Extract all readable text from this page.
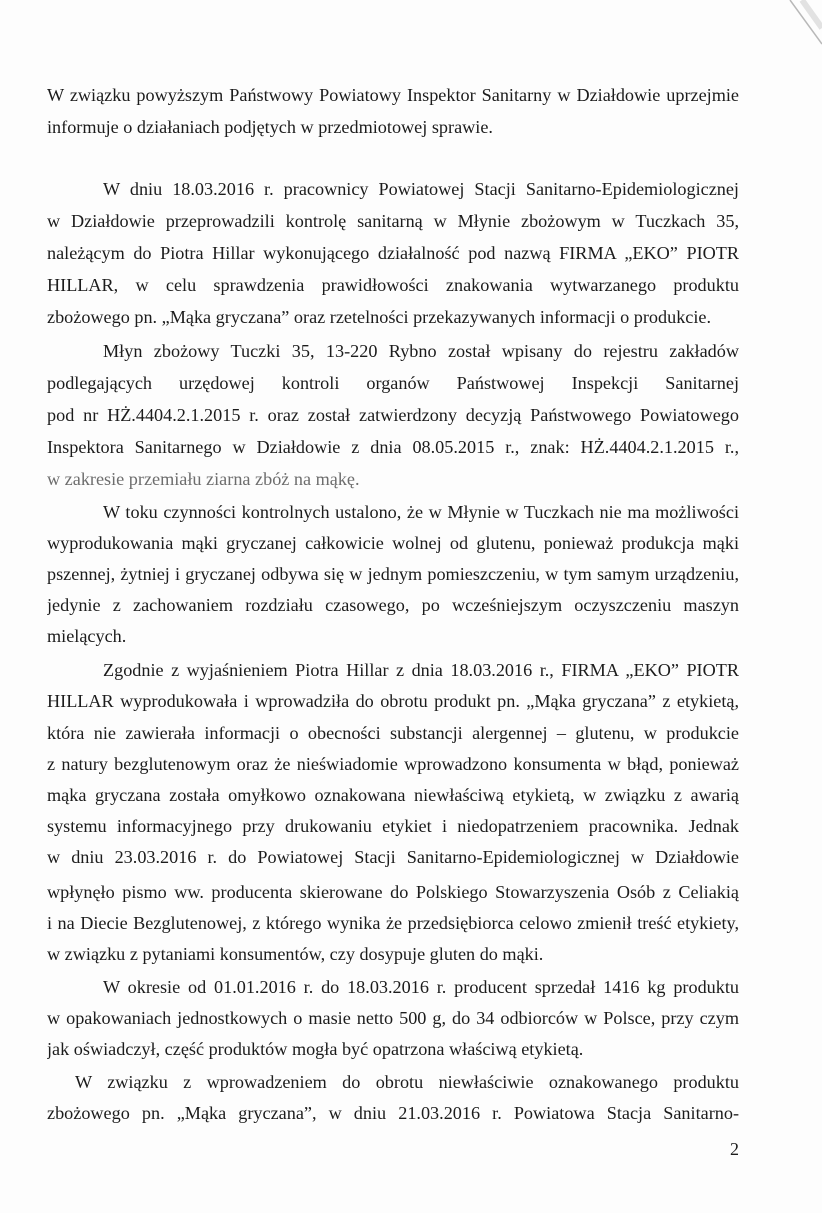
W związku powyższym Państwowy Powiatowy Inspektor Sanitarny w Działdowie uprzejmie
informuje o działaniach podjętych w przedmiotowej sprawie.
W dniu 18.03.2016 r. pracownicy Powiatowej Stacji Sanitarno-Epidemiologicznej
w Działdowie przeprowadzili kontrolę sanitarną w Młynie zbożowym w Tuczkach 35,
należącym do Piotra Hillar wykonującego działalność pod nazwą FIRMA „EKO” PIOTR
HILLAR, w celu sprawdzenia prawidłowości znakowania wytwarzanego produktu
zbożowego pn. „Mąka gryczana” oraz rzetelności przekazywanych informacji o produkcie.
Młyn zbożowy Tuczki 35, 13-220 Rybno został wpisany do rejestru zakładów
podlegających urzędowej kontroli organów Państwowej Inspekcji Sanitarnej
pod nr HŻ.4404.2.1.2015 r. oraz został zatwierdzony decyzją Państwowego Powiatowego
Inspektora Sanitarnego w Działdowie z dnia 08.05.2015 r., znak: HŻ.4404.2.1.2015 r.,
w zakresie przemiału ziarna zbóż na mąkę.
W toku czynności kontrolnych ustalono, że w Młynie w Tuczkach nie ma możliwości
wyprodukowania mąki gryczanej całkowicie wolnej od glutenu, ponieważ produkcja mąki
pszennej, żytniej i gryczanej odbywa się w jednym pomieszczeniu, w tym samym urządzeniu,
jedynie z zachowaniem rozdziału czasowego, po wcześniejszym oczyszczeniu maszyn
mielących.
Zgodnie z wyjaśnieniem Piotra Hillar z dnia 18.03.2016 r., FIRMA „EKO” PIOTR
HILLAR wyprodukowała i wprowadziła do obrotu produkt pn. „Mąka gryczana” z etykietą,
która nie zawierała informacji o obecności substancji alergennej – glutenu, w produkcie
z natury bezglutenowym oraz że nieświadomie wprowadzono konsumenta w błąd, ponieważ
mąka gryczana została omyłkowo oznakowana niewłaściwą etykietą, w związku z awarią
systemu informacyjnego przy drukowaniu etykiet i niedopatrzeniem pracownika. Jednak
w dniu 23.03.2016 r. do Powiatowej Stacji Sanitarno-Epidemiologicznej w Działdowie
wpłynęło pismo ww. producenta skierowane do Polskiego Stowarzyszenia Osób z Celiakią
i na Diecie Bezglutenowej, z którego wynika że przedsiębiorca celowo zmienił treść etykiety,
w związku z pytaniami konsumentów, czy dosypuje gluten do mąki.
W okresie od 01.01.2016 r. do 18.03.2016 r. producent sprzedał 1416 kg produktu
w opakowaniach jednostkowych o masie netto 500 g, do 34 odbiorców w Polsce, przy czym
jak oświadczył, część produktów mogła być opatrzona właściwą etykietą.
W związku z wprowadzeniem do obrotu niewłaściwie oznakowanego produktu
zbożowego pn. „Mąka gryczana”, w dniu 21.03.2016 r. Powiatowa Stacja Sanitarno-
2
